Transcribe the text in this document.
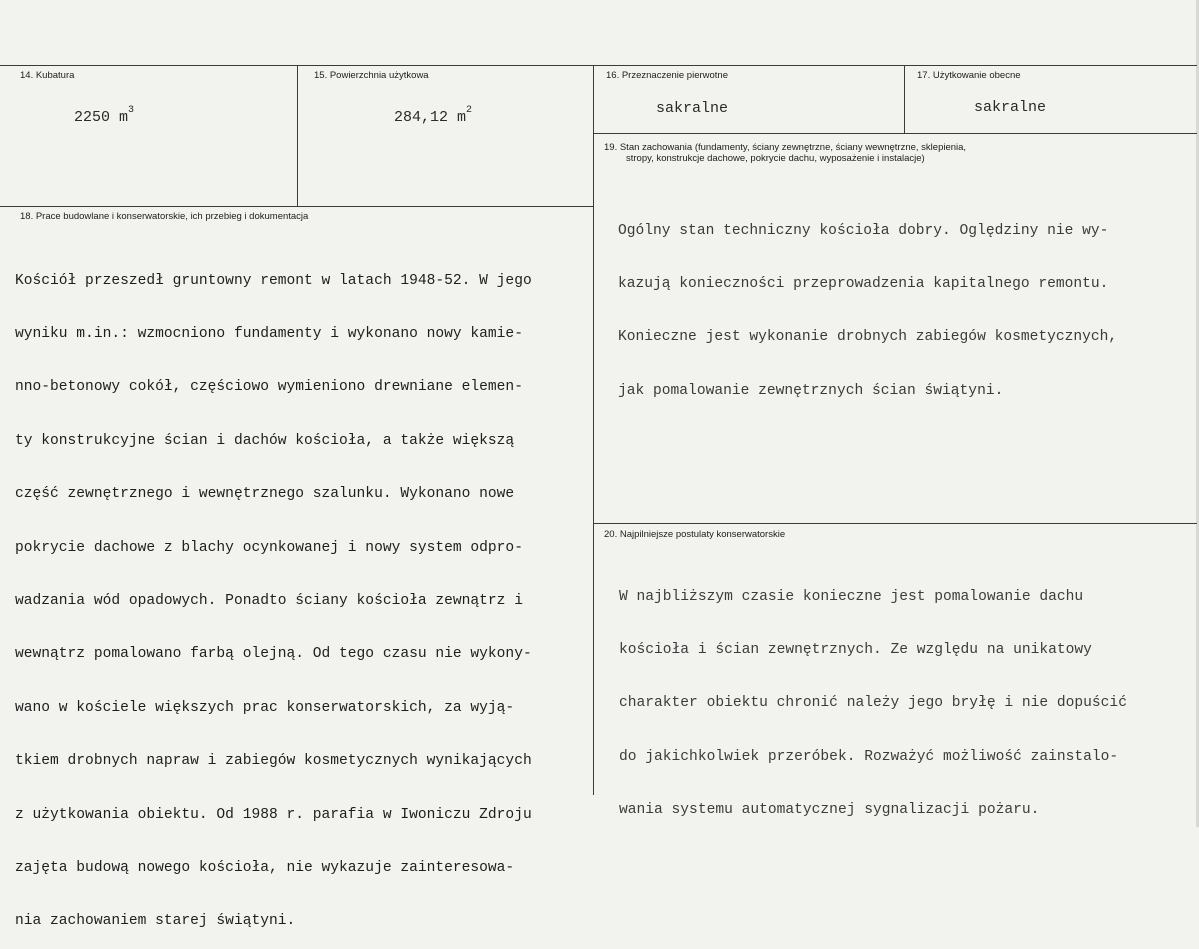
14. Kubatura
2250 $m^3$
15. Powierzchnia użytkowa
284,12 $m^2$
16. Przeznaczenie pierwotne
sakralne
17. Użytkowanie obecne
sakralne
19. Stan zachowania (fundamenty, ściany zewnętrzne, ściany wewnętrzne, sklepienia,
stropy, konstrukcje dachowe, pokrycie dachu, wyposażenie i instalacje)

Ogólny stan techniczny kościoła dobry. Oględziny nie wy-

kazują konieczności przeprowadzenia kapitalnego remontu.

Konieczne jest wykonanie drobnych zabiegów kosmetycznych,

jak pomalowanie zewnętrznych ścian świątyni.

18. Prace budowlane i konserwatorskie, ich przebieg i dokumentacja

Kościół przeszedł gruntowny remont w latach 1948-52. W jego

wyniku m.in.: wzmocniono fundamenty i wykonano nowy kamie-

nno-betonowy cokół, częściowo wymieniono drewniane elemen-

ty konstrukcyjne ścian i dachów kościoła, a także większą

część zewnętrznego i wewnętrznego szalunku. Wykonano nowe

pokrycie dachowe z blachy ocynkowanej i nowy system odpro-

wadzania wód opadowych. Ponadto ściany kościoła zewnątrz i

wewnątrz pomalowano farbą olejną. Od tego czasu nie wykony-

wano w kościele większych prac konserwatorskich, za wyją-

tkiem drobnych napraw i zabiegów kosmetycznych wynikających

z użytkowania obiektu. Od 1988 r. parafia w Iwoniczu Zdroju

zajęta budową nowego kościoła, nie wykazuje zainteresowa-

nia zachowaniem starej świątyni.

20. Najpilniejsze postulaty konserwatorskie

W najbliższym czasie konieczne jest pomalowanie dachu

kościoła i ścian zewnętrznych. Ze względu na unikatowy

charakter obiektu chronić należy jego bryłę i nie dopuścić

do jakichkolwiek przeróbek. Rozważyć możliwość zainstalo-

wania systemu automatycznej sygnalizacji pożaru.
